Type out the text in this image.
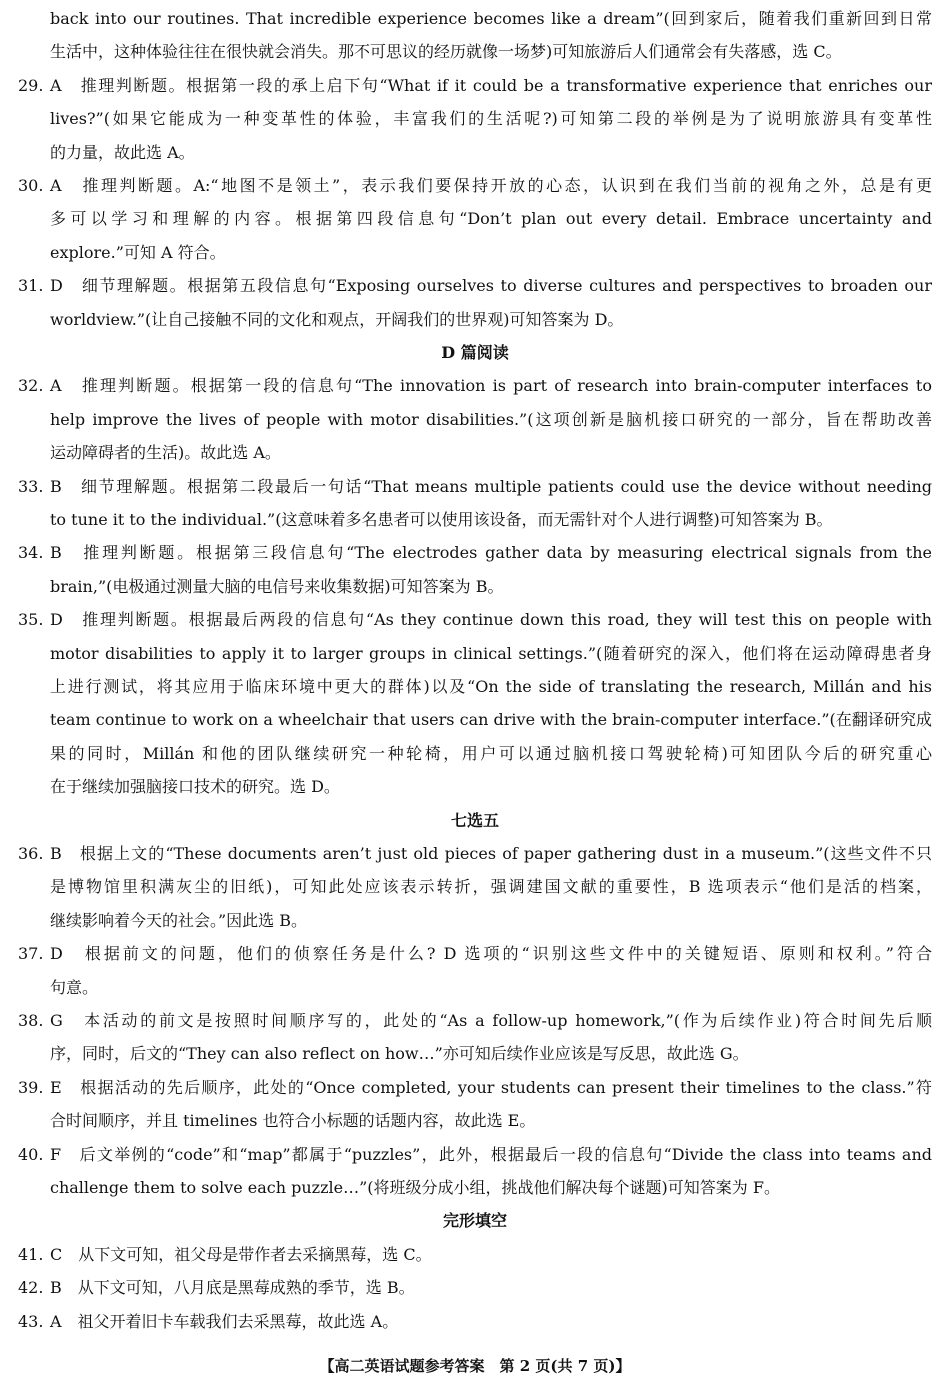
back into our routines. That incredible experience becomes like a dream”(回到家后，随着我们重新回到日常
生活中，这种体验往往在很快就会消失。那不可思议的经历就像一场梦)可知旅游后人们通常会有失落感，选 C。
29. A　推理判断题。根据第一段的承上启下句“What if it could be a transformative experience that enriches our
lives?”(如果它能成为一种变革性的体验，丰富我们的生活呢?)可知第二段的举例是为了说明旅游具有变革性
的力量，故此选 A。
30. A　推理判断题。A:“地图不是领土”，表示我们要保持开放的心态，认识到在我们当前的视角之外，总是有更
多可以学习和理解的内容。根据第四段信息句“Don’t plan out every detail. Embrace uncertainty and
explore.”可知 A 符合。
31. D　细节理解题。根据第五段信息句“Exposing ourselves to diverse cultures and perspectives to broaden our
worldview.”(让自己接触不同的文化和观点，开阔我们的世界观)可知答案为 D。
D 篇阅读
32. A　推理判断题。根据第一段的信息句“The innovation is part of research into brain-computer interfaces to
help improve the lives of people with motor disabilities.”(这项创新是脑机接口研究的一部分，旨在帮助改善
运动障碍者的生活)。故此选 A。
33. B　细节理解题。根据第二段最后一句话“That means multiple patients could use the device without needing
to tune it to the individual.”(这意味着多名患者可以使用该设备，而无需针对个人进行调整)可知答案为 B。
34. B　推理判断题。根据第三段信息句“The electrodes gather data by measuring electrical signals from the
brain,”(电极通过测量大脑的电信号来收集数据)可知答案为 B。
35. D　推理判断题。根据最后两段的信息句“As they continue down this road, they will test this on people with
motor disabilities to apply it to larger groups in clinical settings.”(随着研究的深入，他们将在运动障碍患者身
上进行测试，将其应用于临床环境中更大的群体)以及“On the side of translating the research, Millán and his
team continue to work on a wheelchair that users can drive with the brain-computer interface.”(在翻译研究成
果的同时，Millán 和他的团队继续研究一种轮椅，用户可以通过脑机接口驾驶轮椅)可知团队今后的研究重心
在于继续加强脑接口技术的研究。选 D。
七选五
36. B　根据上文的“These documents aren’t just old pieces of paper gathering dust in a museum.”(这些文件不只
是博物馆里积满灰尘的旧纸)，可知此处应该表示转折，强调建国文献的重要性，B 选项表示“他们是活的档案，
继续影响着今天的社会。”因此选 B。
37. D　根据前文的问题，他们的侦察任务是什么? D 选项的“识别这些文件中的关键短语、原则和权利。”符合
句意。
38. G　本活动的前文是按照时间顺序写的，此处的“As a follow-up homework,”(作为后续作业)符合时间先后顺
序，同时，后文的“They can also reflect on how…”亦可知后续作业应该是写反思，故此选 G。
39. E　根据活动的先后顺序，此处的“Once completed, your students can present their timelines to the class.”符
合时间顺序，并且 timelines 也符合小标题的话题内容，故此选 E。
40. F　后文举例的“code”和“map”都属于“puzzles”，此外，根据最后一段的信息句“Divide the class into teams and
challenge them to solve each puzzle…”(将班级分成小组，挑战他们解决每个谜题)可知答案为 F。
完形填空
41. C　从下文可知，祖父母是带作者去采摘黑莓，选 C。
42. B　从下文可知，八月底是黑莓成熟的季节，选 B。
43. A　祖父开着旧卡车载我们去采黑莓，故此选 A。
【高二英语试题参考答案　第 2 页(共 7 页)】
